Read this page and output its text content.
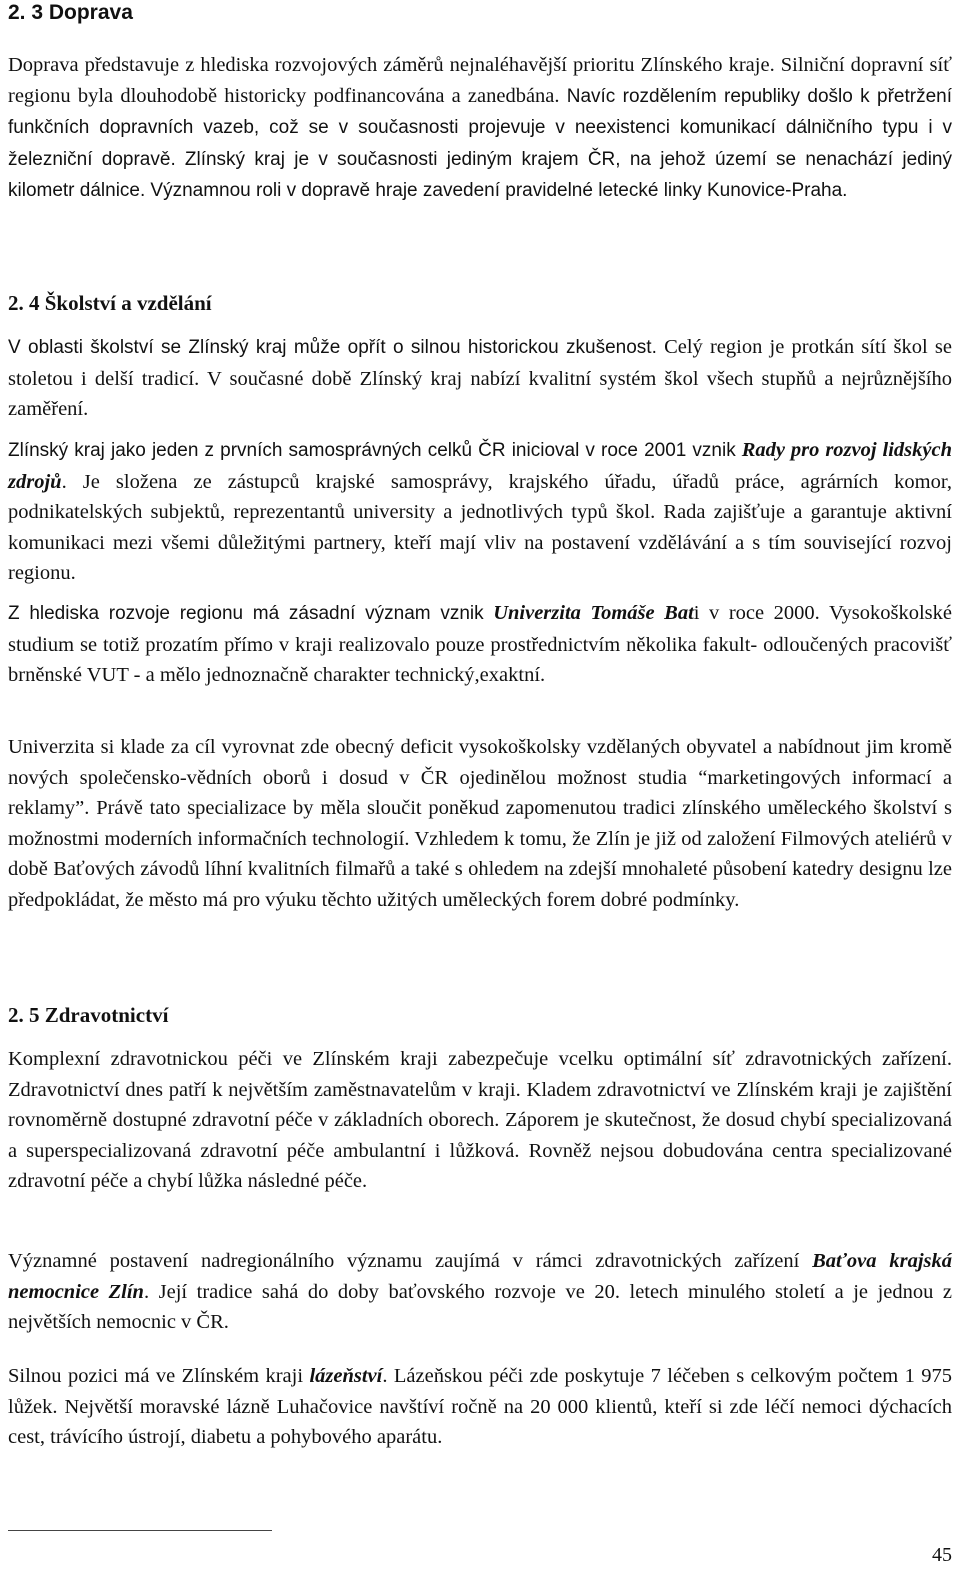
2. 3 Doprava

Doprava představuje z hlediska rozvojových záměrů nejnaléhavější prioritu Zlínského kraje. Silniční dopravní síť regionu byla dlouhodobě historicky podfinancována a zanedbána. Navíc rozdělením republiky došlo k přetržení funkčních dopravních vazeb, což se v současnosti projevuje v neexistenci komunikací dálničního typu i v železniční dopravě. Zlínský kraj je v současnosti jediným krajem ČR, na jehož území se nenachází jediný kilometr dálnice. Významnou roli v dopravě hraje zavedení pravidelné letecké linky Kunovice-Praha.

2. 4 Školství a vzdělání

V oblasti školství se Zlínský kraj může opřít o silnou historickou zkušenost. Celý region je protkán sítí škol se stoletou i delší tradicí. V současné době Zlínský kraj nabízí kvalitní systém škol všech stupňů a nejrůznějšího zaměření.

Zlínský kraj jako jeden z prvních samosprávných celků ČR inicioval v roce 2001 vznik Rady pro rozvoj lidských zdrojů. Je složena ze zástupců krajské samosprávy, krajského úřadu, úřadů práce, agrárních komor, podnikatelských subjektů, reprezentantů university a jednotlivých typů škol. Rada zajišťuje a garantuje aktivní komunikaci mezi všemi důležitými partnery, kteří mají vliv na postavení vzdělávání a s tím související rozvoj regionu.

Z hlediska rozvoje regionu má zásadní význam vznik Univerzita Tomáše Bati v roce 2000. Vysokoškolské studium se totiž prozatím přímo v kraji realizovalo pouze prostřednictvím několika fakult- odloučených pracovišť brněnské VUT - a mělo jednoznačně charakter technický,exaktní.

Univerzita si klade za cíl vyrovnat zde obecný deficit vysokoškolsky vzdělaných obyvatel a nabídnout jim kromě nových společensko-vědních oborů i dosud v ČR ojedinělou možnost studia “marketingových informací a reklamy”. Právě tato specializace by měla sloučit poněkud zapomenutou tradici zlínského uměleckého školství s možnostmi moderních informačních technologií. Vzhledem k tomu, že Zlín je již od založení Filmových ateliérů v době Baťových závodů líhní kvalitních filmařů a také s ohledem na zdejší mnohaleté působení katedry designu lze předpokládat, že město má pro výuku těchto užitých uměleckých forem dobré podmínky.

2. 5 Zdravotnictví

Komplexní zdravotnickou péči ve Zlínském kraji zabezpečuje vcelku optimální síť zdravotnických zařízení. Zdravotnictví dnes patří k největším zaměstnavatelům v kraji. Kladem zdravotnictví ve Zlínském kraji je zajištění rovnoměrně dostupné zdravotní péče v základních oborech. Záporem je skutečnost, že dosud chybí specializovaná a superspecializovaná zdravotní péče ambulantní i lůžková. Rovněž nejsou dobudována centra specializované zdravotní péče a chybí lůžka následné péče.

Významné postavení nadregionálního významu zaujímá v rámci zdravotnických zařízení Baťova krajská nemocnice Zlín. Její tradice sahá do doby baťovského rozvoje ve 20. letech minulého století a je jednou z největších nemocnic v ČR.

Silnou pozici má ve Zlínském kraji lázeňství. Lázeňskou péči zde poskytuje 7 léčeben s celkovým počtem 1 975 lůžek. Největší moravské lázně Luhačovice navštíví ročně na 20 000 klientů, kteří si zde léčí nemoci dýchacích cest, trávícího ústrojí, diabetu a pohybového aparátu.

45
